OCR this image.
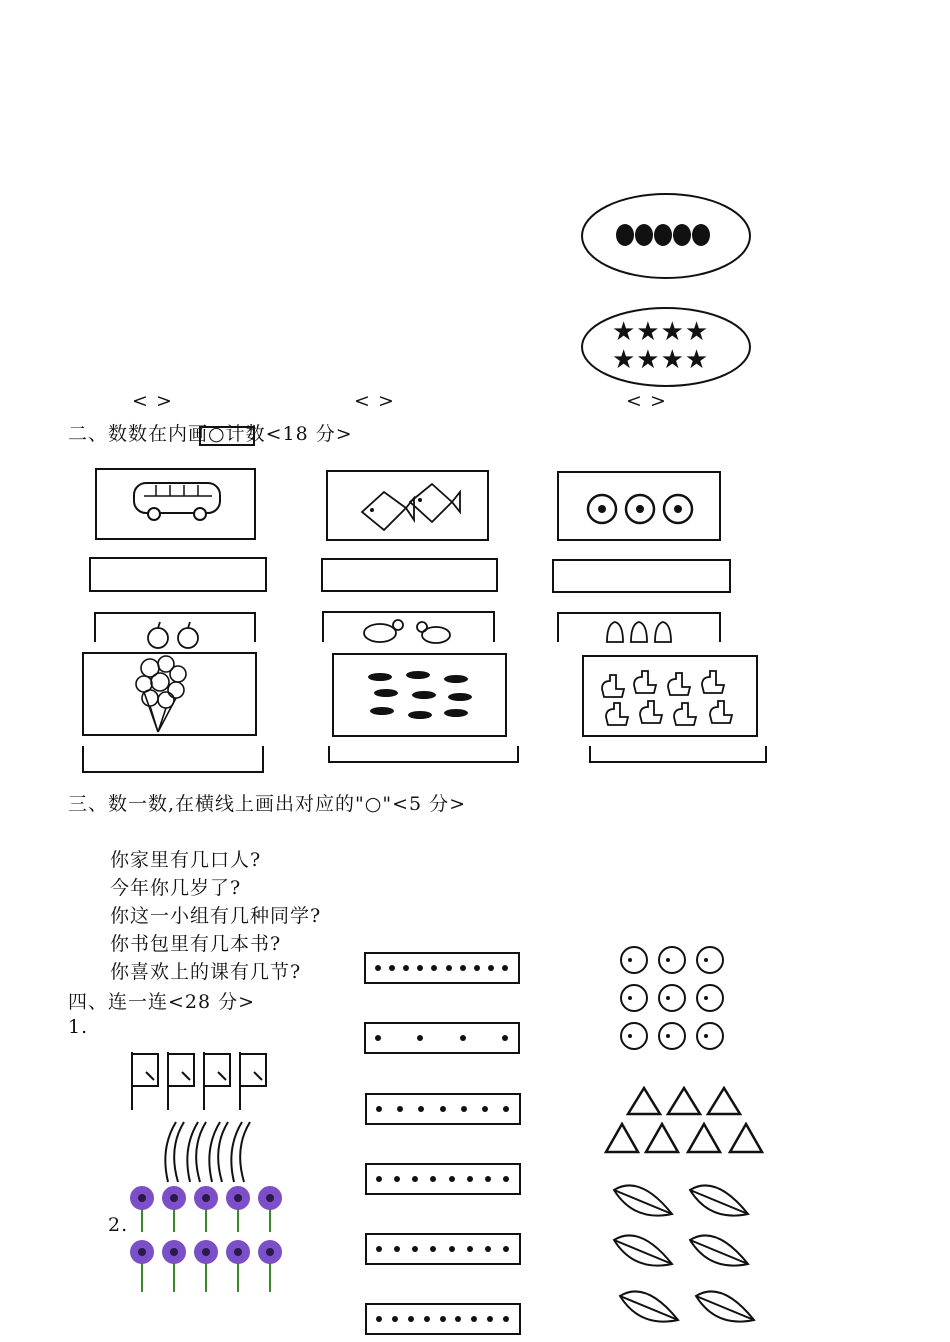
★★★★
★★★★
< >	< >	< >
二、数数在内画○计数<18 分>
三、数一数,在横线上画出对应的"○"<5 分>
你家里有几口人?
今年你几岁了?
你这一小组有几种同学?
你书包里有几本书?
你喜欢上的课有几节?
四、连一连<28 分>
1.
2.
